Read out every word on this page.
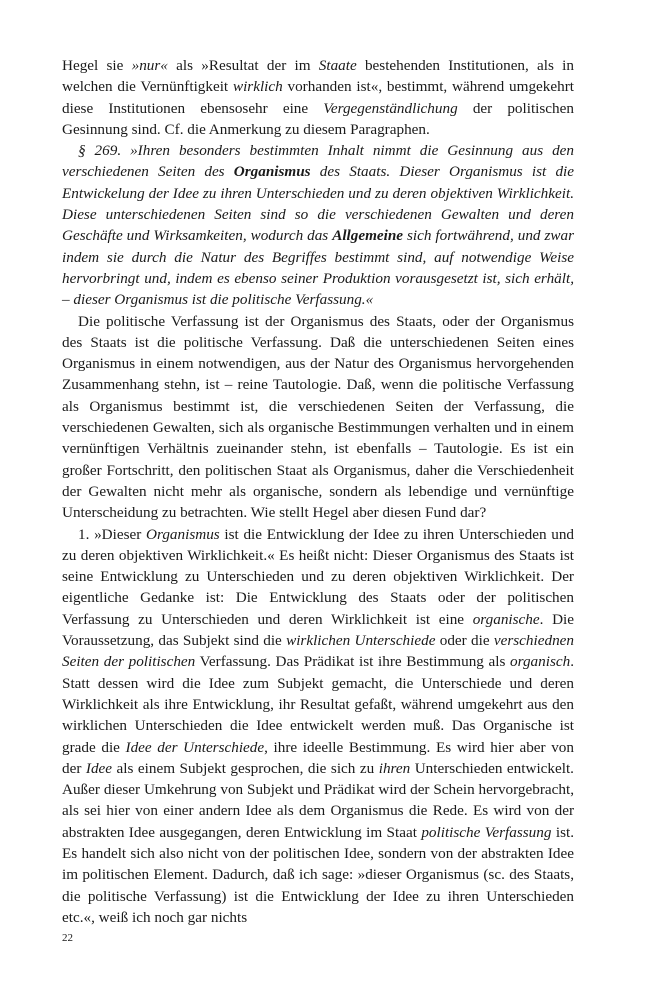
Hegel sie »nur« als »Resultat der im Staate bestehenden Institutionen, als in welchen die Vernünftigkeit wirklich vorhanden ist«, bestimmt, während umgekehrt diese Institutionen ebensosehr eine Vergegenständlichung der politischen Gesinnung sind. Cf. die Anmerkung zu diesem Paragraphen.

§ 269. »Ihren besonders bestimmten Inhalt nimmt die Gesinnung aus den verschiedenen Seiten des Organismus des Staats. Dieser Organismus ist die Entwickelung der Idee zu ihren Unterschieden und zu deren objektiven Wirklichkeit. Diese unterschiedenen Seiten sind so die verschiedenen Gewalten und deren Geschäfte und Wirksamkeiten, wodurch das Allgemeine sich fortwährend, und zwar indem sie durch die Natur des Begriffes bestimmt sind, auf notwendige Weise hervorbringt und, indem es ebenso seiner Produktion vorausgesetzt ist, sich erhält, – dieser Organismus ist die politische Verfassung.«

Die politische Verfassung ist der Organismus des Staats, oder der Organismus des Staats ist die politische Verfassung. Daß die unterschiedenen Seiten eines Organismus in einem notwendigen, aus der Natur des Organismus hervorgehenden Zusammenhang stehn, ist – reine Tautologie. Daß, wenn die politische Verfassung als Organismus bestimmt ist, die verschiedenen Seiten der Verfassung, die verschiedenen Gewalten, sich als organische Bestimmungen verhalten und in einem vernünftigen Verhältnis zueinander stehn, ist ebenfalls – Tautologie. Es ist ein großer Fortschritt, den politischen Staat als Organismus, daher die Verschiedenheit der Gewalten nicht mehr als organische, sondern als lebendige und vernünftige Unterscheidung zu betrachten. Wie stellt Hegel aber diesen Fund dar?

1. »Dieser Organismus ist die Entwicklung der Idee zu ihren Unterschieden und zu deren objektiven Wirklichkeit.« Es heißt nicht: Dieser Organismus des Staats ist seine Entwicklung zu Unterschieden und zu deren objektiven Wirklichkeit. Der eigentliche Gedanke ist: Die Entwicklung des Staats oder der politischen Verfassung zu Unterschieden und deren Wirklichkeit ist eine organische. Die Voraussetzung, das Subjekt sind die wirklichen Unterschiede oder die verschiednen Seiten der politischen Verfassung. Das Prädikat ist ihre Bestimmung als organisch. Statt dessen wird die Idee zum Subjekt gemacht, die Unterschiede und deren Wirklichkeit als ihre Entwicklung, ihr Resultat gefaßt, während umgekehrt aus den wirklichen Unterschieden die Idee entwickelt werden muß. Das Organische ist grade die Idee der Unterschiede, ihre ideelle Bestimmung. Es wird hier aber von der Idee als einem Subjekt gesprochen, die sich zu ihren Unterschieden entwickelt. Außer dieser Umkehrung von Subjekt und Prädikat wird der Schein hervorgebracht, als sei hier von einer andern Idee als dem Organismus die Rede. Es wird von der abstrakten Idee ausgegangen, deren Entwicklung im Staat politische Verfassung ist. Es handelt sich also nicht von der politischen Idee, sondern von der abstrakten Idee im politischen Element. Dadurch, daß ich sage: »dieser Organismus (sc. des Staats, die politische Verfassung) ist die Entwicklung der Idee zu ihren Unterschieden etc.«, weiß ich noch gar nichts

22
